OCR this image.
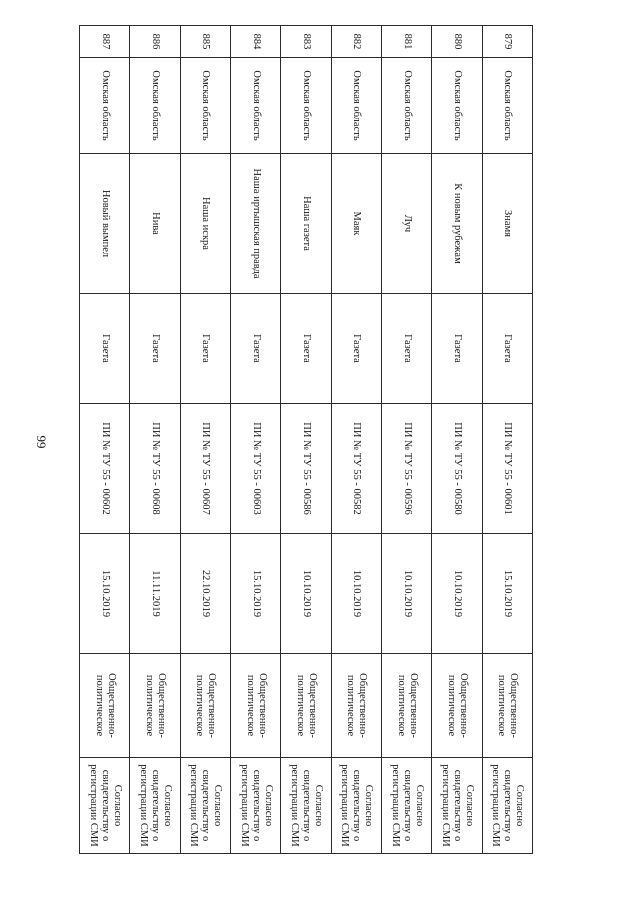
99
879	Омская область	Знамя	Газета	ПИ № ТУ 55 - 00601	15.10.2019	Общественно-политическое	Согласно свидетельству о регистрации СМИ
880	Омская область	К новым рубежам	Газета	ПИ № ТУ 55 - 00580	10.10.2019	Общественно-политическое	Согласно свидетельству о регистрации СМИ
881	Омская область	Луч	Газета	ПИ № ТУ 55 - 00596	10.10.2019	Общественно-политическое	Согласно свидетельству о регистрации СМИ
882	Омская область	Маяк	Газета	ПИ № ТУ 55 - 00582	10.10.2019	Общественно-политическое	Согласно свидетельству о регистрации СМИ
883	Омская область	Наша газета	Газета	ПИ № ТУ 55 - 00586	10.10.2019	Общественно-политическое	Согласно свидетельству о регистрации СМИ
884	Омская область	Наша иртышская правда	Газета	ПИ № ТУ 55 - 00603	15.10.2019	Общественно-политическое	Согласно свидетельству о регистрации СМИ
885	Омская область	Наша искра	Газета	ПИ № ТУ 55 - 00607	22.10.2019	Общественно-политическое	Согласно свидетельству о регистрации СМИ
886	Омская область	Нива	Газета	ПИ № ТУ 55 - 00608	11.11.2019	Общественно-политическое	Согласно свидетельству о регистрации СМИ
887	Омская область	Новый вымпел	Газета	ПИ № ТУ 55 - 00602	15.10.2019	Общественно-политическое	Согласно свидетельству о регистрации СМИ
